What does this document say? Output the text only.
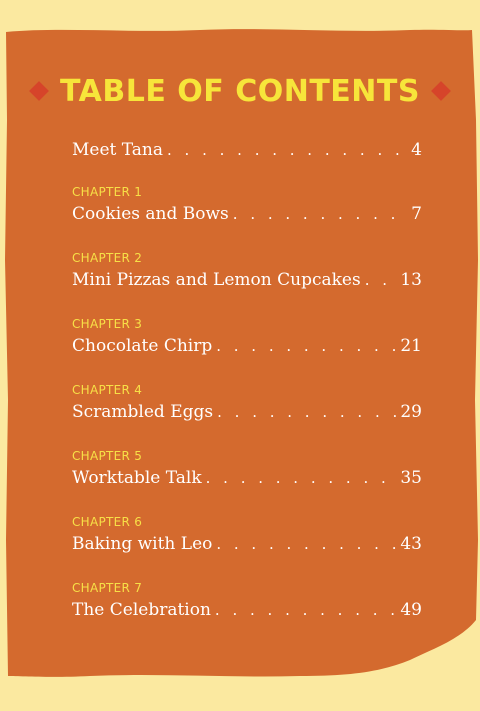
TABLE OF CONTENTS
Meet Tana . . .	4
CHAPTER 1
Cookies and Bows . . .	7
CHAPTER 2
Mini Pizzas and Lemon Cupcakes . . . 13
CHAPTER 3
Chocolate Chirp . . .	21
CHAPTER 4
Scrambled Eggs . . .	29
CHAPTER 5
Worktable Talk . . .	35
CHAPTER 6
Baking with Leo . . .	43
CHAPTER 7
The Celebration . . .	49
